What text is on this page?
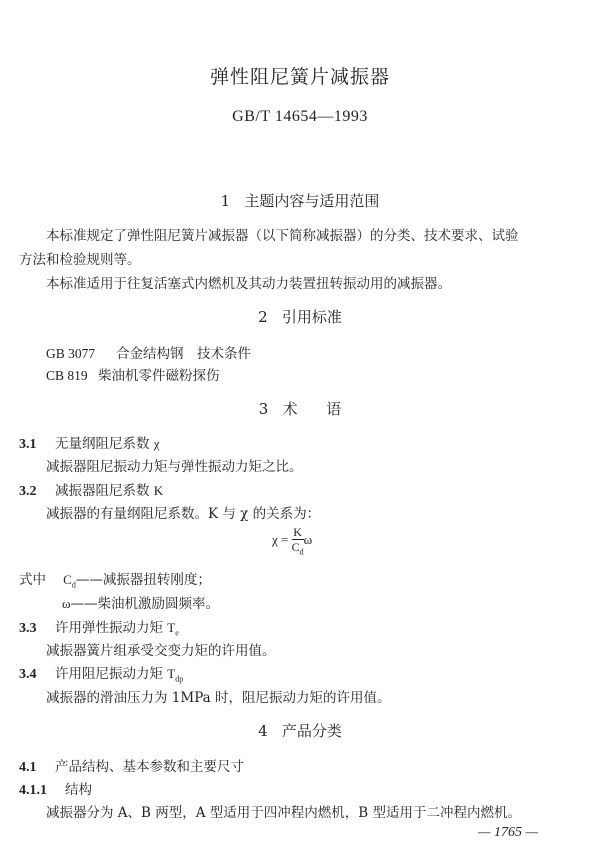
弹性阻尼簧片减振器
GB/T 14654—1993
1 主题内容与适用范围
本标准规定了弹性阻尼簧片减振器（以下简称减振器）的分类、技术要求、试验
方法和检验规则等。
本标准适用于往复活塞式内燃机及其动力装置扭转振动用的减振器。
2 引用标准
GB 3077 合金结构钢　技术条件
CB 819 柴油机零件磁粉探伤
3 术 语
3.1 无量纲阻尼系数 χ
减振器阻尼振动力矩与弹性振动力矩之比。
3.2 减振器阻尼系数 K
减振器的有量纲阻尼系数。K 与 χ 的关系为：
$\chi = \frac{K}{C_d}$ ω
式中 $C_d——$减振器扭转刚度；
ω——柴油机激励圆频率。
3.3 许用弹性振动力矩 $T_e$
减振器簧片组承受交变力矩的许用值。
3.4 许用阻尼振动力矩 $T_{dp}$
减振器的滑油压力为 1MPa 时，阻尼振动力矩的许用值。
4 产品分类
4.1 产品结构、基本参数和主要尺寸
4.1.1 结构
减振器分为 A、B 两型，A 型适用于四冲程内燃机，B 型适用于二冲程内燃机。
— 1765 —
